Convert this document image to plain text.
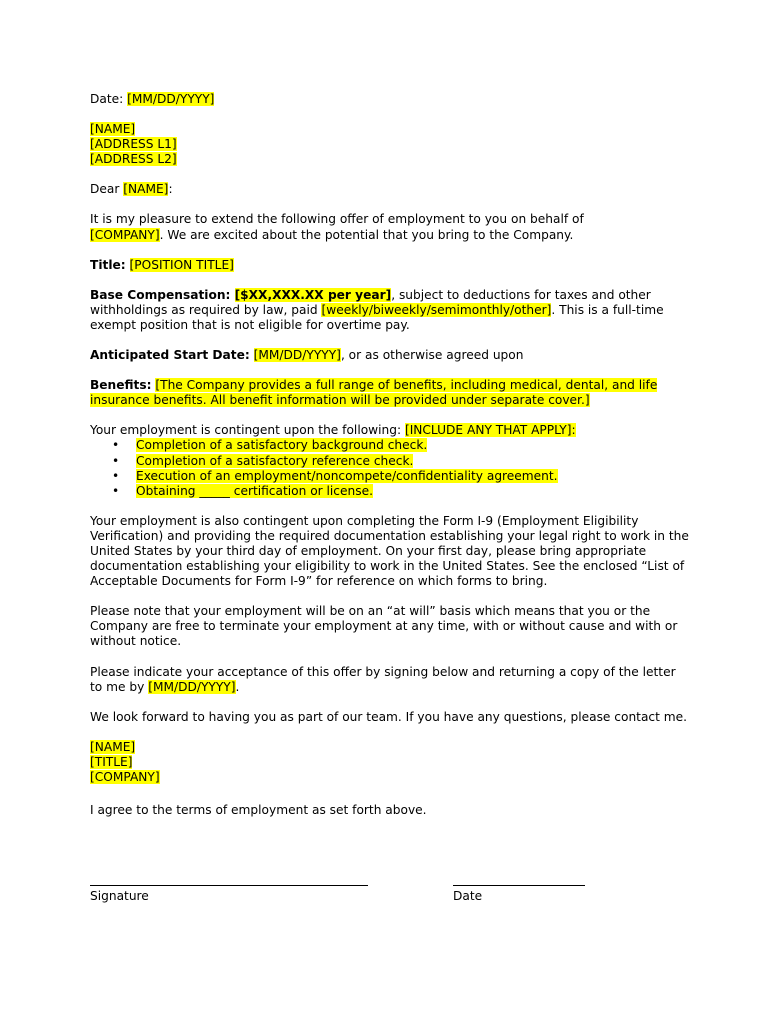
Date: [MM/DD/YYYY]

[NAME]

[ADDRESS L1]

[ADDRESS L2]

Dear [NAME]:

It is my pleasure to extend the following offer of employment to you on behalf of
[COMPANY]. We are excited about the potential that you bring to the Company.

Title: [POSITION TITLE]

Base Compensation: [$XX,XXX.XX per year], subject to deductions for taxes and other withholdings as required by law, paid [weekly/biweekly/semimonthly/other]. This is a full-time exempt position that is not eligible for overtime pay.

Anticipated Start Date: [MM/DD/YYYY], or as otherwise agreed upon

Benefits: [The Company provides a full range of benefits, including medical, dental, and life insurance benefits. All benefit information will be provided under separate cover.]

Your employment is contingent upon the following: [INCLUDE ANY THAT APPLY]:

• Completion of a satisfactory background check.
• Completion of a satisfactory reference check.
• Execution of an employment/noncompete/confidentiality agreement.
• Obtaining _____ certification or license.

Your employment is also contingent upon completing the Form I-9 (Employment Eligibility Verification) and providing the required documentation establishing your legal right to work in the United States by your third day of employment. On your first day, please bring appropriate documentation establishing your eligibility to work in the United States. See the enclosed “List of Acceptable Documents for Form I-9” for reference on which forms to bring.

Please note that your employment will be on an “at will” basis which means that you or the Company are free to terminate your employment at any time, with or without cause and with or without notice.

Please indicate your acceptance of this offer by signing below and returning a copy of the letter to me by [MM/DD/YYYY].

We look forward to having you as part of our team. If you have any questions, please contact me.

[NAME]

[TITLE]

[COMPANY]

I agree to the terms of employment as set forth above.

Signature	Date
